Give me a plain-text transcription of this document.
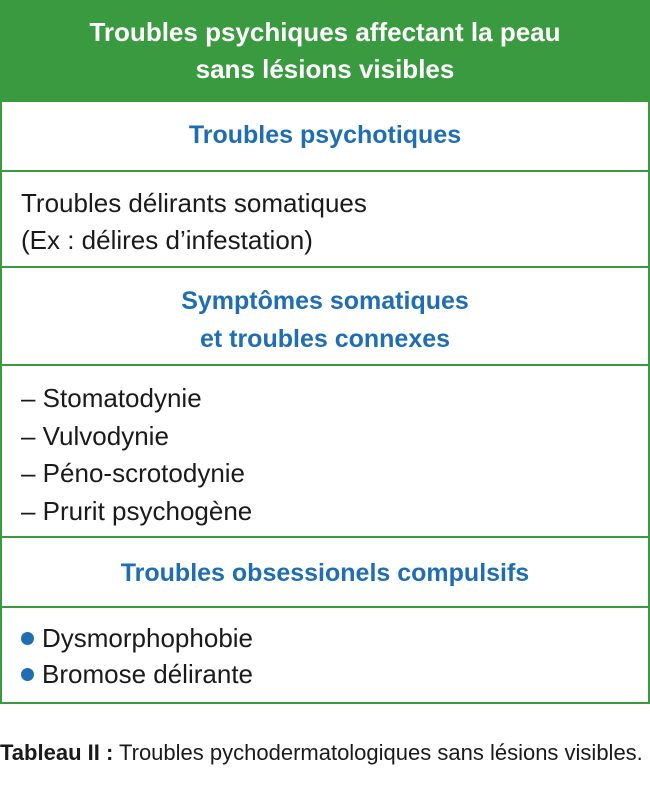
Troubles psychiques affectant la peau
sans lésions visibles
Troubles psychotiques
Troubles délirants somatiques
(Ex : délires d’infestation)
Symptômes somatiques
et troubles connexes
– Stomatodynie
– Vulvodynie
– Péno-scrotodynie
– Prurit psychogène
Troubles obsessionels compulsifs
Dysmorphophobie
Bromose délirante
Tableau II : Troubles pychodermatologiques sans lésions visibles.
